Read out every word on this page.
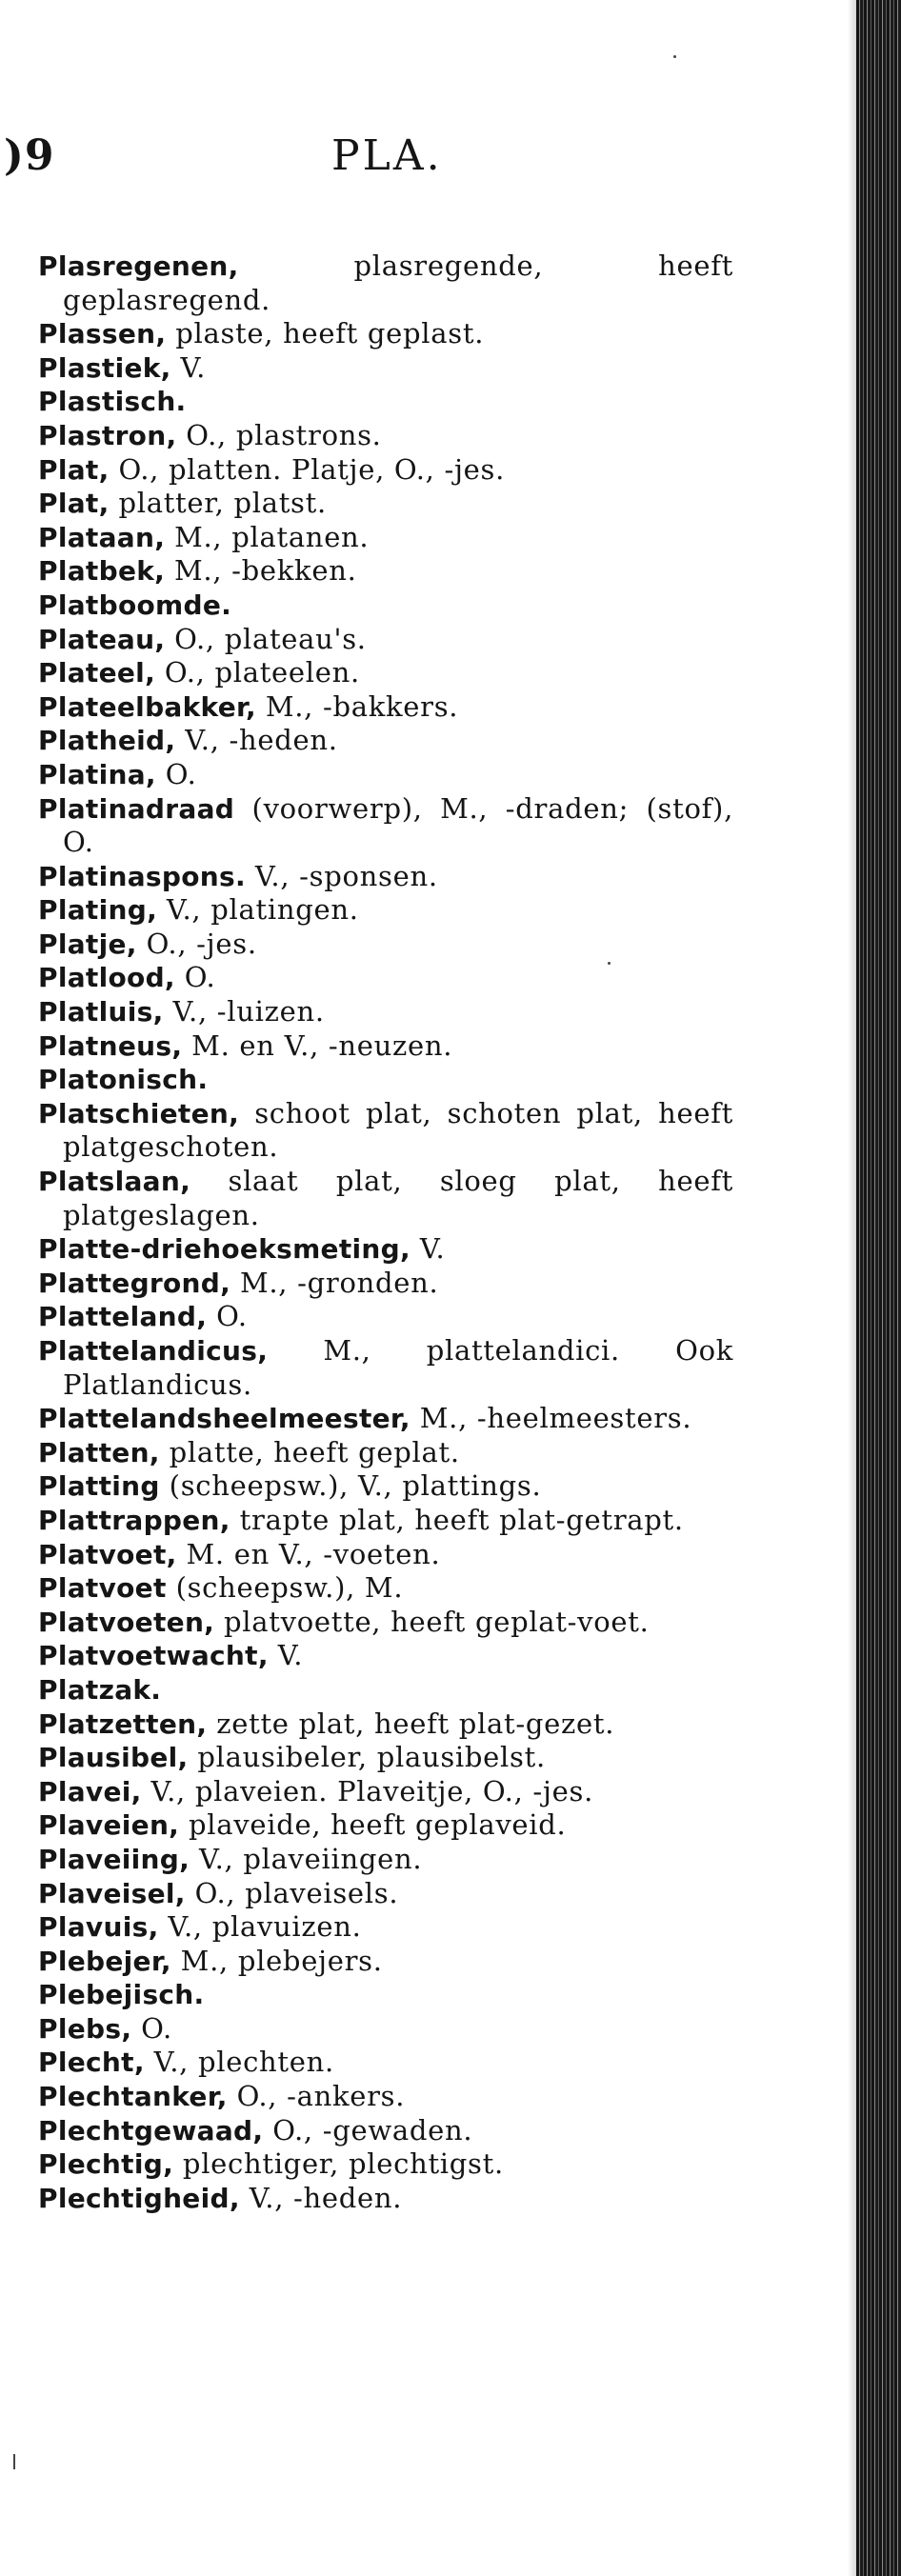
)9	PLA.
Plasregenen, plasregende, heeft geplasregend.
Plassen, plaste, heeft geplast.
Plastiek, V.
Plastisch.
Plastron, O., plastrons.
Plat, O., platten. Platje, O., -jes.
Plat, platter, platst.
Plataan, M., platanen.
Platbek, M., -bekken.
Platboomde.
Plateau, O., plateau's.
Plateel, O., plateelen.
Plateelbakker, M., -bakkers.
Platheid, V., -heden.
Platina, O.
Platinadraad (voorwerp), M., -draden; (stof), O.
Platinaspons. V., -sponsen.
Plating, V., platingen.
Platje, O., -jes.
Platlood, O.
Platluis, V., -luizen.
Platneus, M. en V., -neuzen.
Platonisch.
Platschieten, schoot plat, schoten plat, heeft platgeschoten.
Platslaan, slaat plat, sloeg plat, heeft platgeslagen.
Platte-driehoeksmeting, V.
Plattegrond, M., -gronden.
Platteland, O.
Plattelandicus, M., plattelandici. Ook Platlandicus.
Plattelandsheelmeester, M., -heelmeesters.
Platten, platte, heeft geplat.
Platting (scheepsw.), V., plattings.
Plattrappen, trapte plat, heeft plat-getrapt.
Platvoet, M. en V., -voeten.
Platvoet (scheepsw.), M.
Platvoeten, platvoette, heeft geplat-voet.
Platvoetwacht, V.
Platzak.
Platzetten, zette plat, heeft plat-gezet.
Plausibel, plausibeler, plausibelst.
Plavei, V., plaveien. Plaveitje, O., -jes.
Plaveien, plaveide, heeft geplaveid.
Plaveiing, V., plaveiingen.
Plaveisel, O., plaveisels.
Plavuis, V., plavuizen.
Plebejer, M., plebejers.
Plebejisch.
Plebs, O.
Plecht, V., plechten.
Plechtanker, O., -ankers.
Plechtgewaad, O., -gewaden.
Plechtig, plechtiger, plechtigst.
Plechtigheid, V., -heden.
